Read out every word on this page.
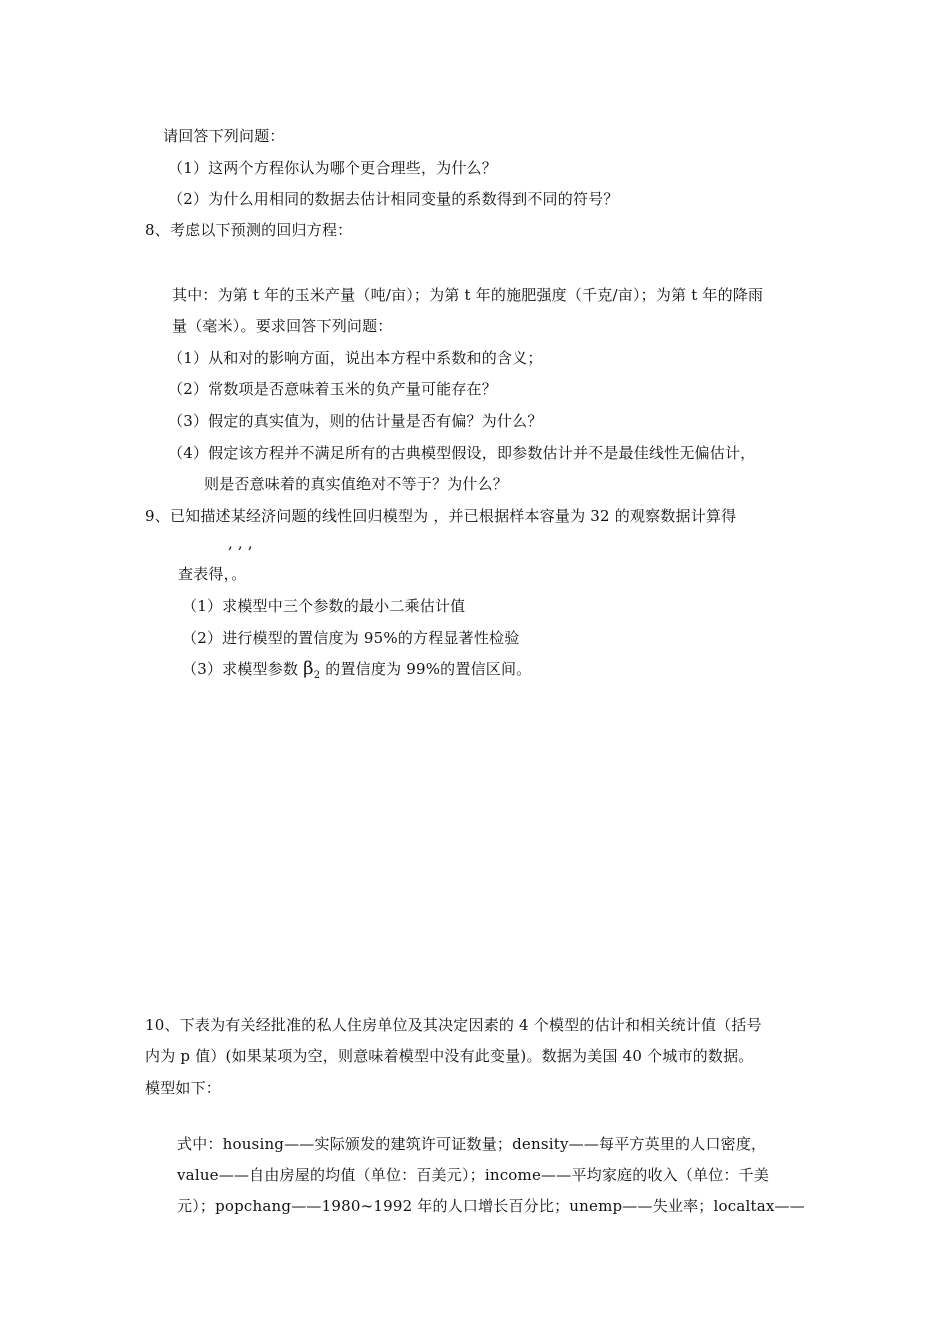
请回答下列问题：
（1）这两个方程你认为哪个更合理些，为什么？
（2）为什么用相同的数据去估计相同变量的系数得到不同的符号？
8、考虑以下预测的回归方程：
其中：为第 t 年的玉米产量（吨/亩）；为第 t 年的施肥强度（千克/亩）；为第 t 年的降雨
量（毫米）。要求回答下列问题：
（1）从和对的影响方面，说出本方程中系数和的含义；
（2）常数项是否意味着玉米的负产量可能存在？
（3）假定的真实值为，则的估计量是否有偏？为什么？
（4）假定该方程并不满足所有的古典模型假设，即参数估计并不是最佳线性无偏估计，
则是否意味着的真实值绝对不等于？为什么？
9、已知描述某经济问题的线性回归模型为 ，并已根据样本容量为 32 的观察数据计算得
, , ,
查表得，。
（1）求模型中三个参数的最小二乘估计值
（2）进行模型的置信度为 95%的方程显著性检验
（3）求模型参数 $\beta_2$ 的置信度为 99%的置信区间。
10、下表为有关经批准的私人住房单位及其决定因素的 4 个模型的估计和相关统计值（括号
内为 p 值）(如果某项为空，则意味着模型中没有此变量)。数据为美国 40 个城市的数据。
模型如下：
式中：housing——实际颁发的建筑许可证数量；density——每平方英里的人口密度，
value——自由房屋的均值（单位：百美元）；income——平均家庭的收入（单位：千美
元）；popchang——1980~1992 年的人口增长百分比；unemp——失业率；localtax——
